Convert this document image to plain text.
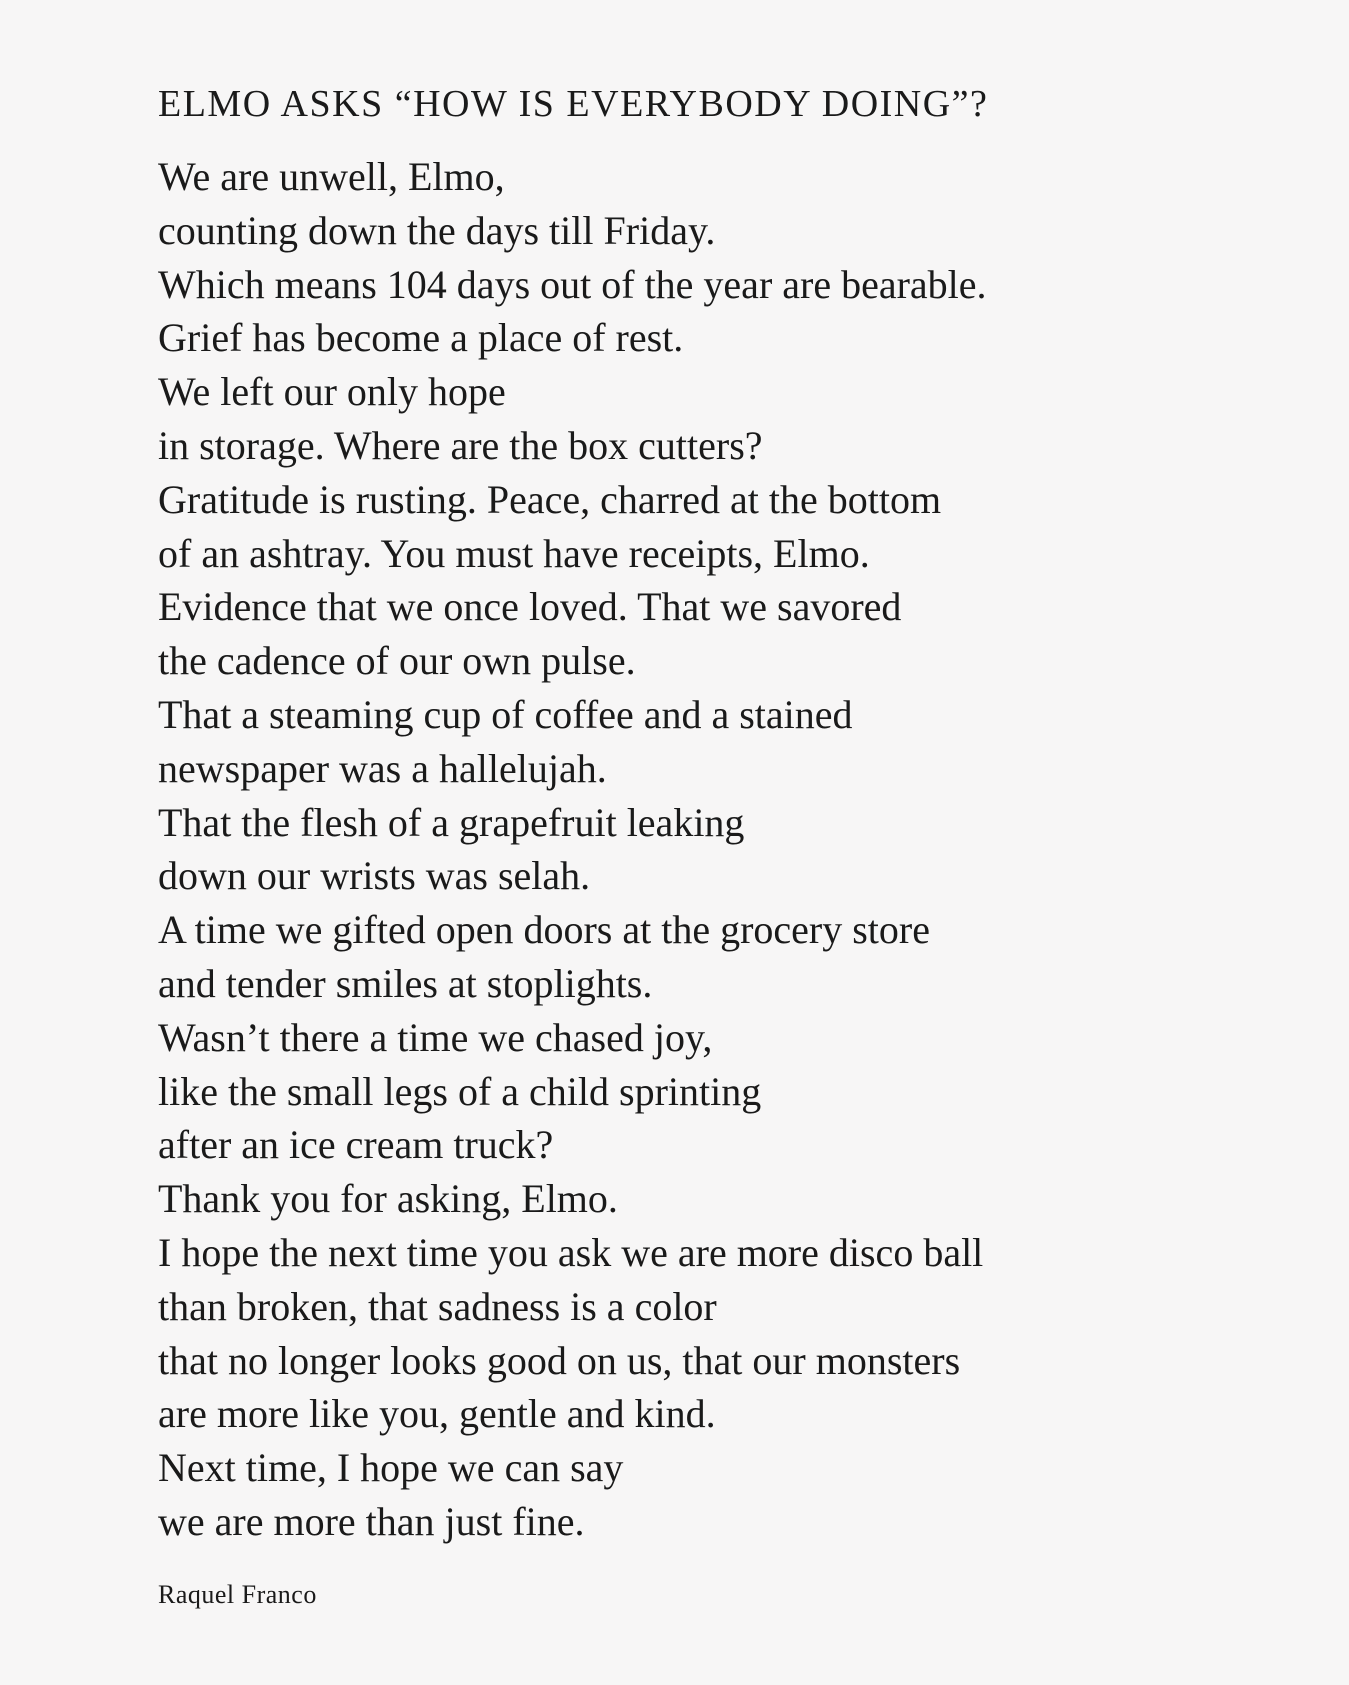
ELMO ASKS “HOW IS EVERYBODY DOING”?
We are unwell, Elmo,
counting down the days till Friday.
Which means 104 days out of the year are bearable.
Grief has become a place of rest.
We left our only hope
in storage. Where are the box cutters?
Gratitude is rusting. Peace, charred at the bottom
of an ashtray. You must have receipts, Elmo.
Evidence that we once loved. That we savored
the cadence of our own pulse.
That a steaming cup of coffee and a stained
newspaper was a hallelujah.
That the flesh of a grapefruit leaking
down our wrists was selah.
A time we gifted open doors at the grocery store
and tender smiles at stoplights.
Wasn’t there a time we chased joy,
like the small legs of a child sprinting
after an ice cream truck?
Thank you for asking, Elmo.
I hope the next time you ask we are more disco ball
than broken, that sadness is a color
that no longer looks good on us, that our monsters
are more like you, gentle and kind.
Next time, I hope we can say
we are more than just fine.

Raquel Franco
